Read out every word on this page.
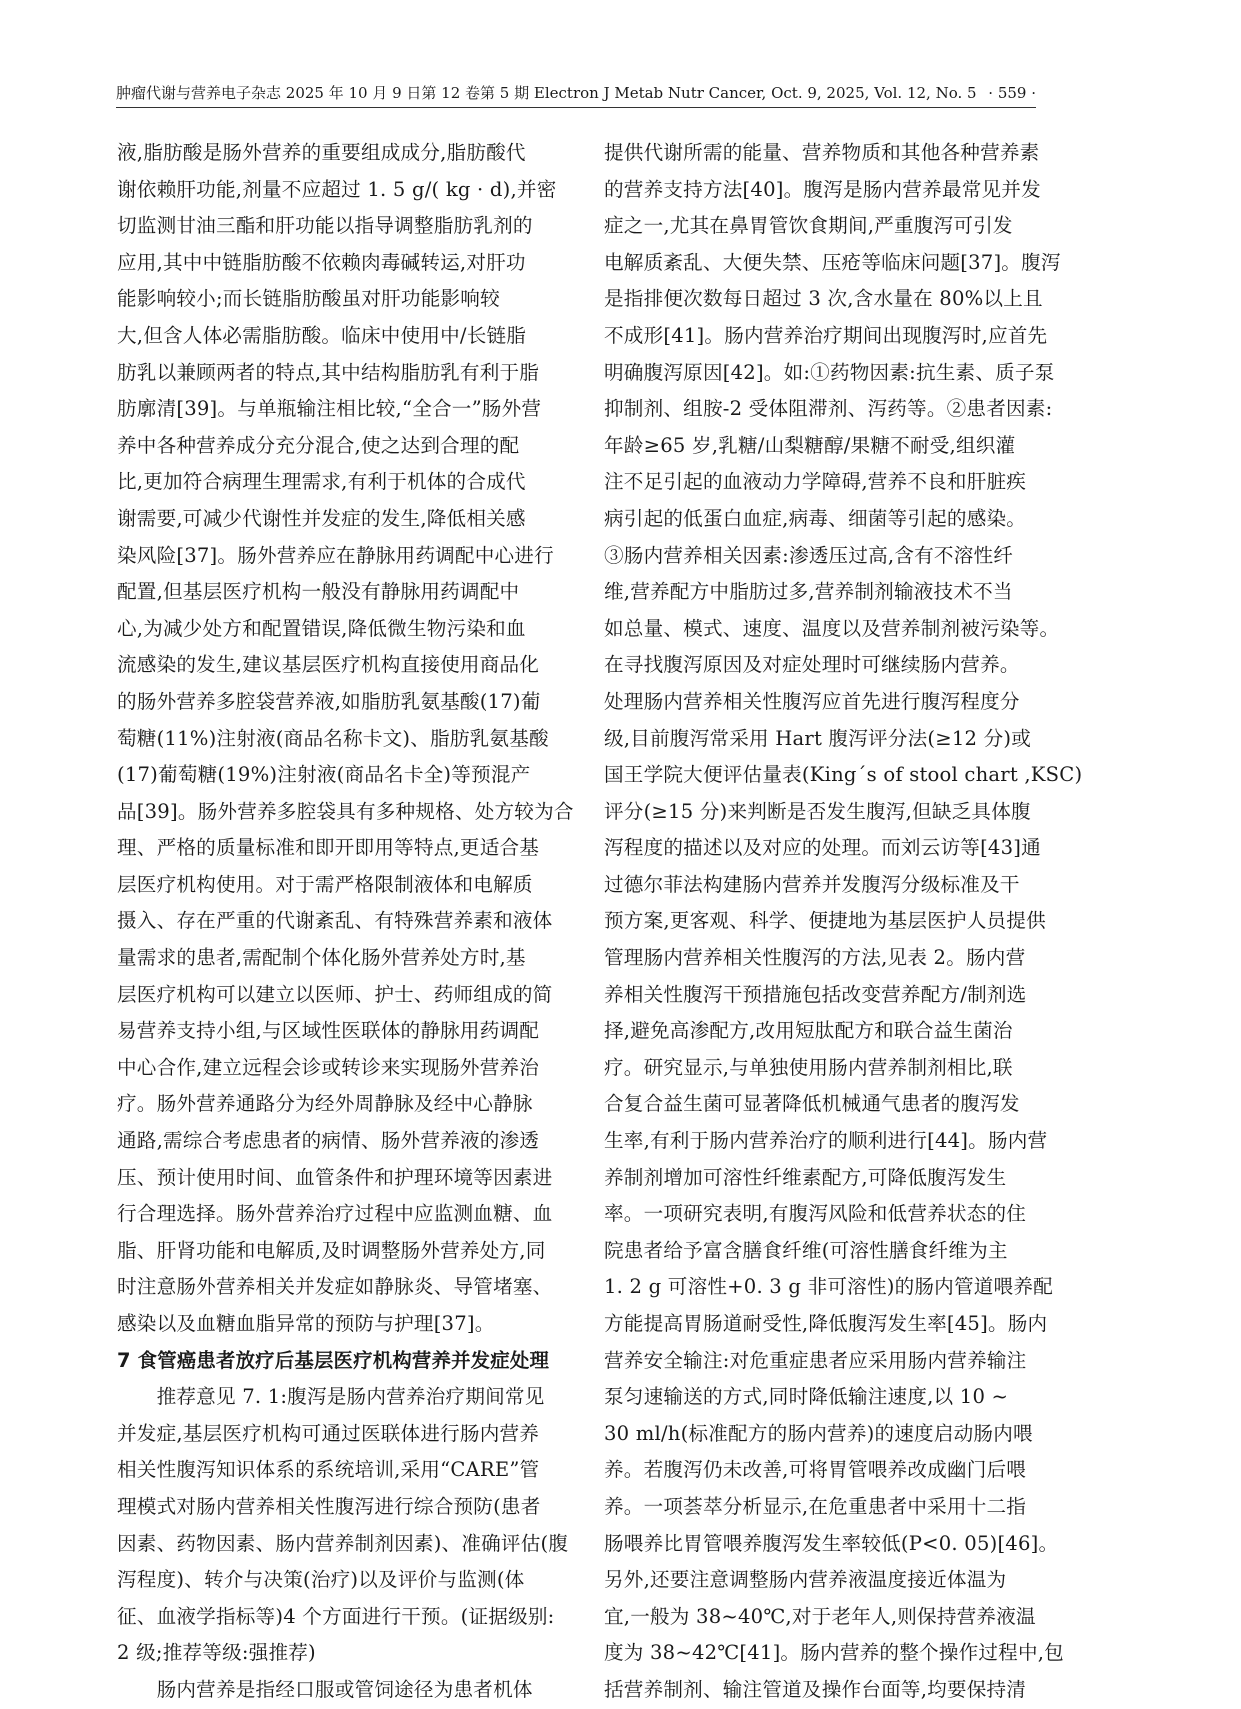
肿瘤代谢与营养电子杂志 2025 年 10 月 9 日第 12 卷第 5 期 Electron J Metab Nutr Cancer, Oct. 9, 2025, Vol. 12, No. 5 · 559 ·
液,脂肪酸是肠外营养的重要组成成分,脂肪酸代
谢依赖肝功能,剂量不应超过 1. 5 g/( kg · d),并密
切监测甘油三酯和肝功能以指导调整脂肪乳剂的
应用,其中中链脂肪酸不依赖肉毒碱转运,对肝功
能影响较小;而长链脂肪酸虽对肝功能影响较
大,但含人体必需脂肪酸。临床中使用中/长链脂
肪乳以兼顾两者的特点,其中结构脂肪乳有利于脂
肪廓清[39]。与单瓶输注相比较,“全合一”肠外营
养中各种营养成分充分混合,使之达到合理的配
比,更加符合病理生理需求,有利于机体的合成代
谢需要,可减少代谢性并发症的发生,降低相关感
染风险[37]。肠外营养应在静脉用药调配中心进行
配置,但基层医疗机构一般没有静脉用药调配中
心,为减少处方和配置错误,降低微生物污染和血
流感染的发生,建议基层医疗机构直接使用商品化
的肠外营养多腔袋营养液,如脂肪乳氨基酸(17)葡
萄糖(11%)注射液(商品名称卡文)、脂肪乳氨基酸
(17)葡萄糖(19%)注射液(商品名卡全)等预混产
品[39]。肠外营养多腔袋具有多种规格、处方较为合
理、严格的质量标准和即开即用等特点,更适合基
层医疗机构使用。对于需严格限制液体和电解质
摄入、存在严重的代谢紊乱、有特殊营养素和液体
量需求的患者,需配制个体化肠外营养处方时,基
层医疗机构可以建立以医师、护士、药师组成的简
易营养支持小组,与区域性医联体的静脉用药调配
中心合作,建立远程会诊或转诊来实现肠外营养治
疗。肠外营养通路分为经外周静脉及经中心静脉
通路,需综合考虑患者的病情、肠外营养液的渗透
压、预计使用时间、血管条件和护理环境等因素进
行合理选择。肠外营养治疗过程中应监测血糖、血
脂、肝肾功能和电解质,及时调整肠外营养处方,同
时注意肠外营养相关并发症如静脉炎、导管堵塞、
感染以及血糖血脂异常的预防与护理[37]。
7 食管癌患者放疗后基层医疗机构营养并发症处理
　　推荐意见 7. 1:腹泻是肠内营养治疗期间常见
并发症,基层医疗机构可通过医联体进行肠内营养
相关性腹泻知识体系的系统培训,采用“CARE”管
理模式对肠内营养相关性腹泻进行综合预防(患者
因素、药物因素、肠内营养制剂因素)、准确评估(腹
泻程度)、转介与决策(治疗)以及评价与监测(体
征、血液学指标等)4 个方面进行干预。(证据级别:
2 级;推荐等级:强推荐)
　　肠内营养是指经口服或管饲途径为患者机体
提供代谢所需的能量、营养物质和其他各种营养素
的营养支持方法[40]。腹泻是肠内营养最常见并发
症之一,尤其在鼻胃管饮食期间,严重腹泻可引发
电解质紊乱、大便失禁、压疮等临床问题[37]。腹泻
是指排便次数每日超过 3 次,含水量在 80%以上且
不成形[41]。肠内营养治疗期间出现腹泻时,应首先
明确腹泻原因[42]。如:①药物因素:抗生素、质子泵
抑制剂、组胺-2 受体阻滞剂、泻药等。②患者因素:
年龄≥65 岁,乳糖/山梨糖醇/果糖不耐受,组织灌
注不足引起的血液动力学障碍,营养不良和肝脏疾
病引起的低蛋白血症,病毒、细菌等引起的感染。
③肠内营养相关因素:渗透压过高,含有不溶性纤
维,营养配方中脂肪过多,营养制剂输液技术不当
如总量、模式、速度、温度以及营养制剂被污染等。
在寻找腹泻原因及对症处理时可继续肠内营养。
处理肠内营养相关性腹泻应首先进行腹泻程度分
级,目前腹泻常采用 Hart 腹泻评分法(≥12 分)或
国王学院大便评估量表(King´s of stool chart ,KSC)
评分(≥15 分)来判断是否发生腹泻,但缺乏具体腹
泻程度的描述以及对应的处理。而刘云访等[43]通
过德尔菲法构建肠内营养并发腹泻分级标准及干
预方案,更客观、科学、便捷地为基层医护人员提供
管理肠内营养相关性腹泻的方法,见表 2。肠内营
养相关性腹泻干预措施包括改变营养配方/制剂选
择,避免高渗配方,改用短肽配方和联合益生菌治
疗。研究显示,与单独使用肠内营养制剂相比,联
合复合益生菌可显著降低机械通气患者的腹泻发
生率,有利于肠内营养治疗的顺利进行[44]。肠内营
养制剂增加可溶性纤维素配方,可降低腹泻发生
率。一项研究表明,有腹泻风险和低营养状态的住
院患者给予富含膳食纤维(可溶性膳食纤维为主
1. 2 g 可溶性+0. 3 g 非可溶性)的肠内管道喂养配
方能提高胃肠道耐受性,降低腹泻发生率[45]。肠内
营养安全输注:对危重症患者应采用肠内营养输注
泵匀速输送的方式,同时降低输注速度,以 10 ~
30 ml/h(标准配方的肠内营养)的速度启动肠内喂
养。若腹泻仍未改善,可将胃管喂养改成幽门后喂
养。一项荟萃分析显示,在危重患者中采用十二指
肠喂养比胃管喂养腹泻发生率较低(P<0. 05)[46]。
另外,还要注意调整肠内营养液温度接近体温为
宜,一般为 38~40℃,对于老年人,则保持营养液温
度为 38~42℃[41]。肠内营养的整个操作过程中,包
括营养制剂、输注管道及操作台面等,均要保持清
